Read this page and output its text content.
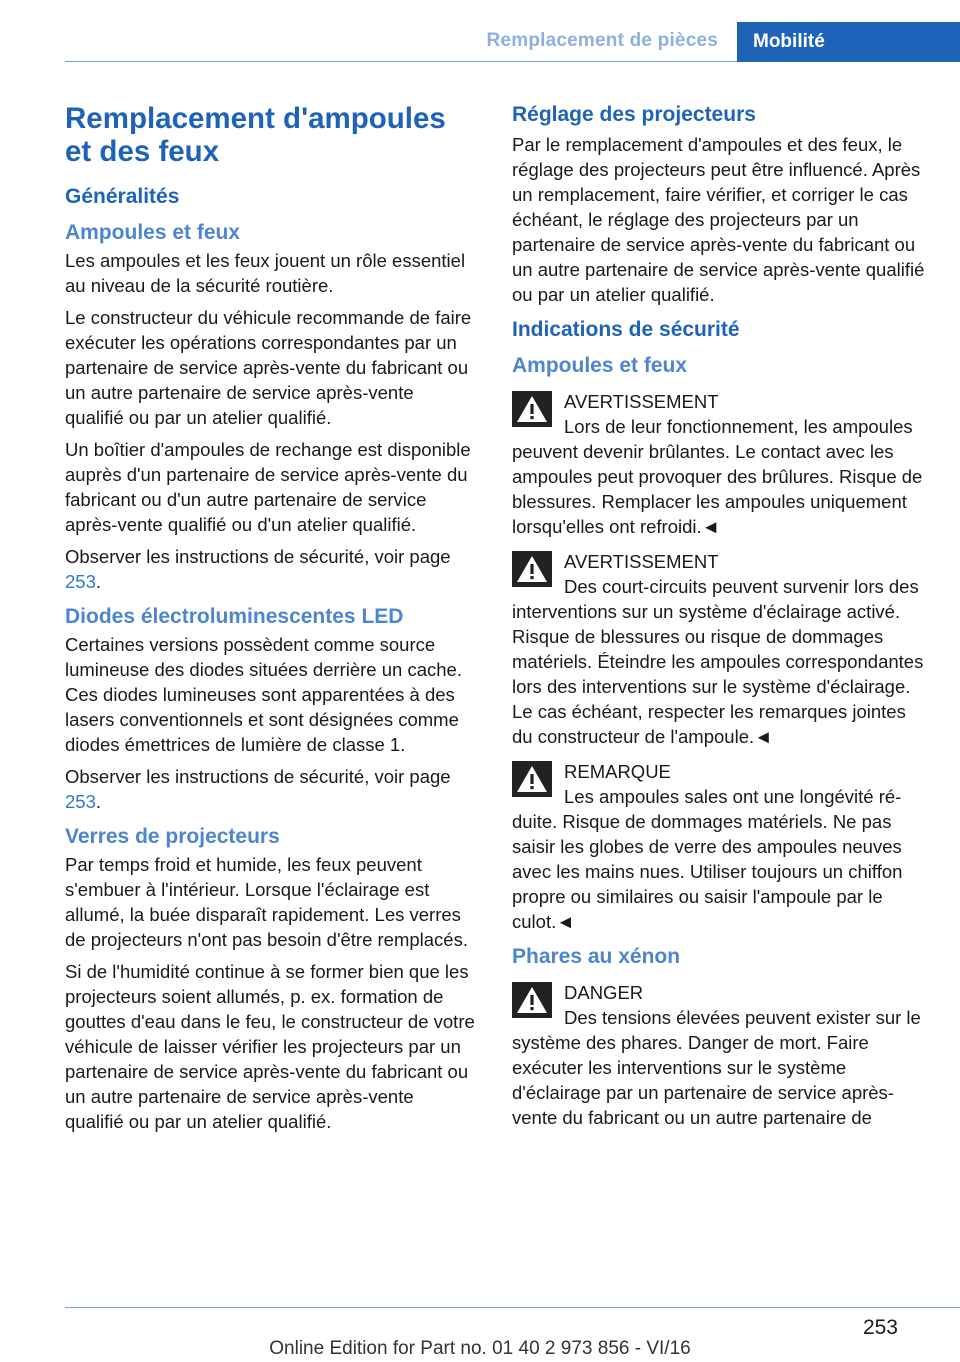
Remplacement de pièces	Mobilité
Remplacement d'ampoules et des feux
Généralités
Ampoules et feux

Les ampoules et les feux jouent un rôle essentiel au niveau de la sécurité routière.

Le constructeur du véhicule recommande de faire exécuter les opérations correspondantes par un partenaire de service après-vente du fabricant ou un autre partenaire de service après-vente qualifié ou par un atelier qualifié.

Un boîtier d'ampoules de rechange est disponible auprès d'un partenaire de service après-vente du fabricant ou d'un autre partenaire de service après-vente qualifié ou d'un atelier qualifié.

Observer les instructions de sécurité, voir page 253.

Diodes électroluminescentes LED

Certaines versions possèdent comme source lumineuse des diodes situées derrière un cache. Ces diodes lumineuses sont apparentées à des lasers conventionnels et sont désignées comme diodes émettrices de lumière de classe 1.

Observer les instructions de sécurité, voir page 253.

Verres de projecteurs

Par temps froid et humide, les feux peuvent s'embuer à l'intérieur. Lorsque l'éclairage est allumé, la buée disparaît rapidement. Les verres de projecteurs n'ont pas besoin d'être remplacés.

Si de l'humidité continue à se former bien que les projecteurs soient allumés, p. ex. formation de gouttes d'eau dans le feu, le constructeur de votre véhicule de laisser vérifier les projecteurs par un partenaire de service après-vente du fabricant ou un autre partenaire de service après-vente qualifié ou par un atelier qualifié.

Réglage des projecteurs

Par le remplacement d'ampoules et des feux, le réglage des projecteurs peut être influencé. Après un remplacement, faire vérifier, et corriger le cas échéant, le réglage des projecteurs par un partenaire de service après-vente du fabricant ou un autre partenaire de service après-vente qualifié ou par un atelier qualifié.

Indications de sécurité
Ampoules et feux
AVERTISSEMENT
Lors de leur fonctionnement, les ampoules peuvent devenir brûlantes. Le contact avec les ampoules peut provoquer des brûlures. Risque de blessures. Remplacer les ampoules uniquement lorsqu'elles ont refroidi.◄
AVERTISSEMENT
Des court-circuits peuvent survenir lors des interventions sur un système d'éclairage activé. Risque de blessures ou risque de dommages matériels. Éteindre les ampoules correspondantes lors des interventions sur le système d'éclairage. Le cas échéant, respecter les remarques jointes du constructeur de l'ampoule.◄
REMARQUE
Les ampoules sales ont une longévité réduite. Risque de dommages matériels. Ne pas saisir les globes de verre des ampoules neuves avec les mains nues. Utiliser toujours un chiffon propre ou similaires ou saisir l'ampoule par le culot.◄
Phares au xénon
DANGER
Des tensions élevées peuvent exister sur le système des phares. Danger de mort. Faire exécuter les interventions sur le système d'éclairage par un partenaire de service après-vente du fabricant ou un autre partenaire de
253
Online Edition for Part no. 01 40 2 973 856 - VI/16
